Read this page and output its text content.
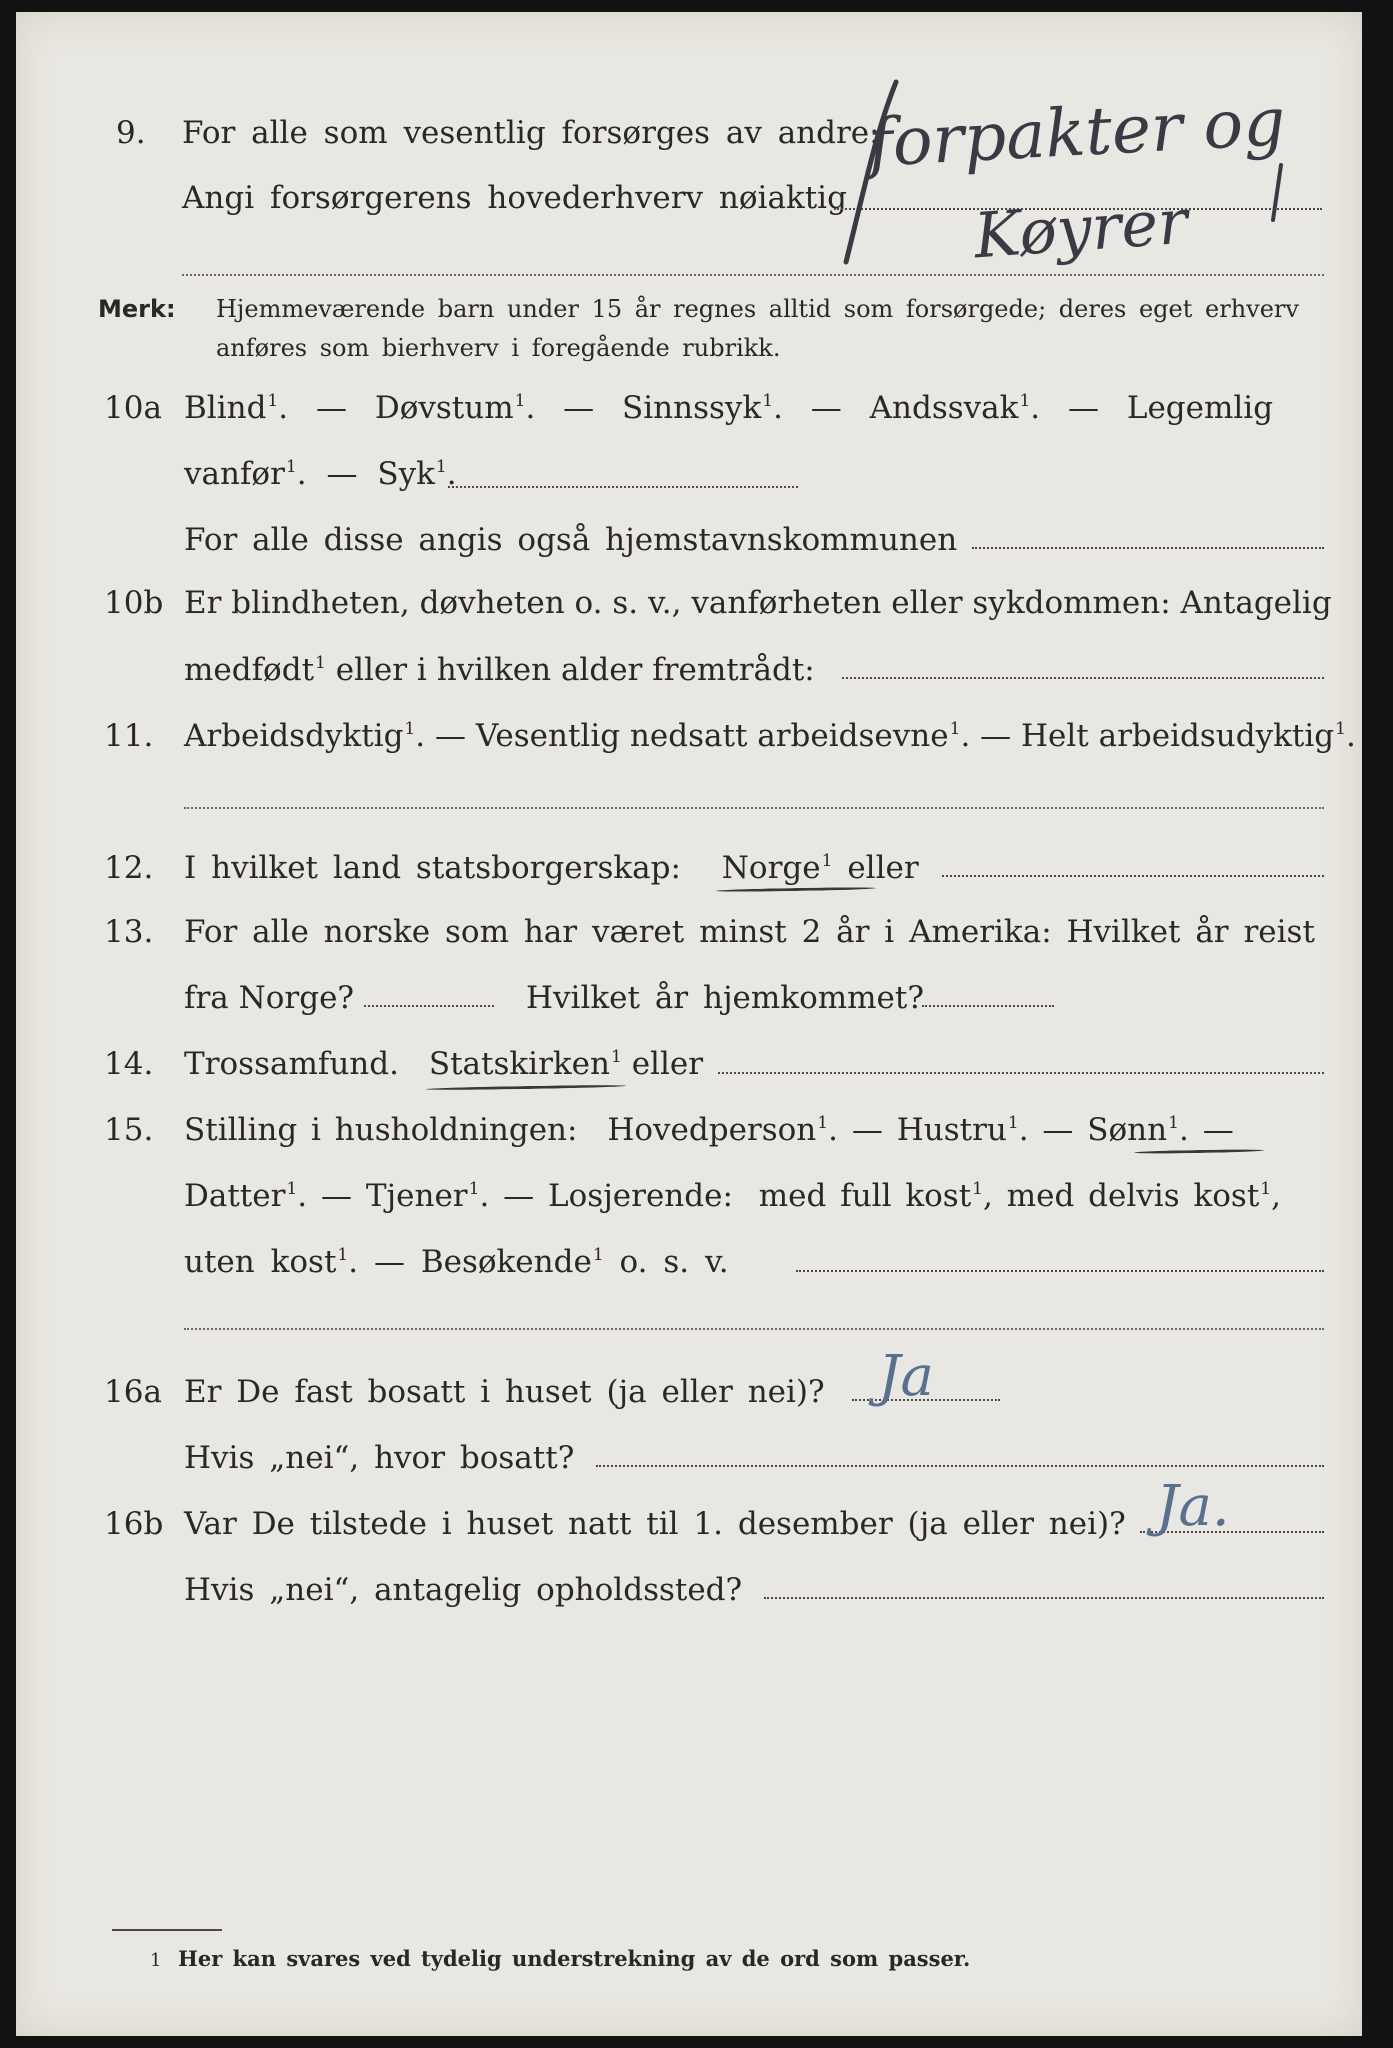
9. For alle som vesentlig forsørges av andre:
Angi forsørgerens hovederhverv nøiaktig
forpakter og
Køyrer
Merk: Hjemmeværende barn under 15 år regnes alltid som forsørgede; deres eget erhverv
anføres som bierhverv i foregående rubrikk.
10a Blind$^1$. — Døvstum$^1$. — Sinnssyk$^1$. — Andssvak$^1$. — Legemlig
vanfør$^1$. — Syk$^1$.
For alle disse angis også hjemstavnskommunen
10b Er blindheten, døvheten o. s. v., vanførheten eller sykdommen: Antagelig
medfødt$^1$ eller i hvilken alder fremtrådt:
11. Arbeidsdyktig$^1$. — Vesentlig nedsatt arbeidsevne$^1$. — Helt arbeidsudyktig$^1$.
12. I hvilket land statsborgerskap: Norge$^1$ eller
13. For alle norske som har været minst 2 år i Amerika: Hvilket år reist
fra Norge?	Hvilket år hjemkommet?
14. Trossamfund. Statskirken$^1$ eller
15. Stilling i husholdningen: Hovedperson$^1$. — Hustru$^1$. — Sønn$^1$. —
Datter$^1$. — Tjener$^1$. — Losjerende: med full kost$^1$, med delvis kost$^1$,
uten kost$^1$. — Besøkende$^1$ o. s. v.
16a Er De fast bosatt i huset (ja eller nei)? Ja
Hvis „nei“, hvor bosatt?
16b Var De tilstede i huset natt til 1. desember (ja eller nei)? Ja.
Hvis „nei“, antagelig opholdssted?
1 Her kan svares ved tydelig understrekning av de ord som passer.
